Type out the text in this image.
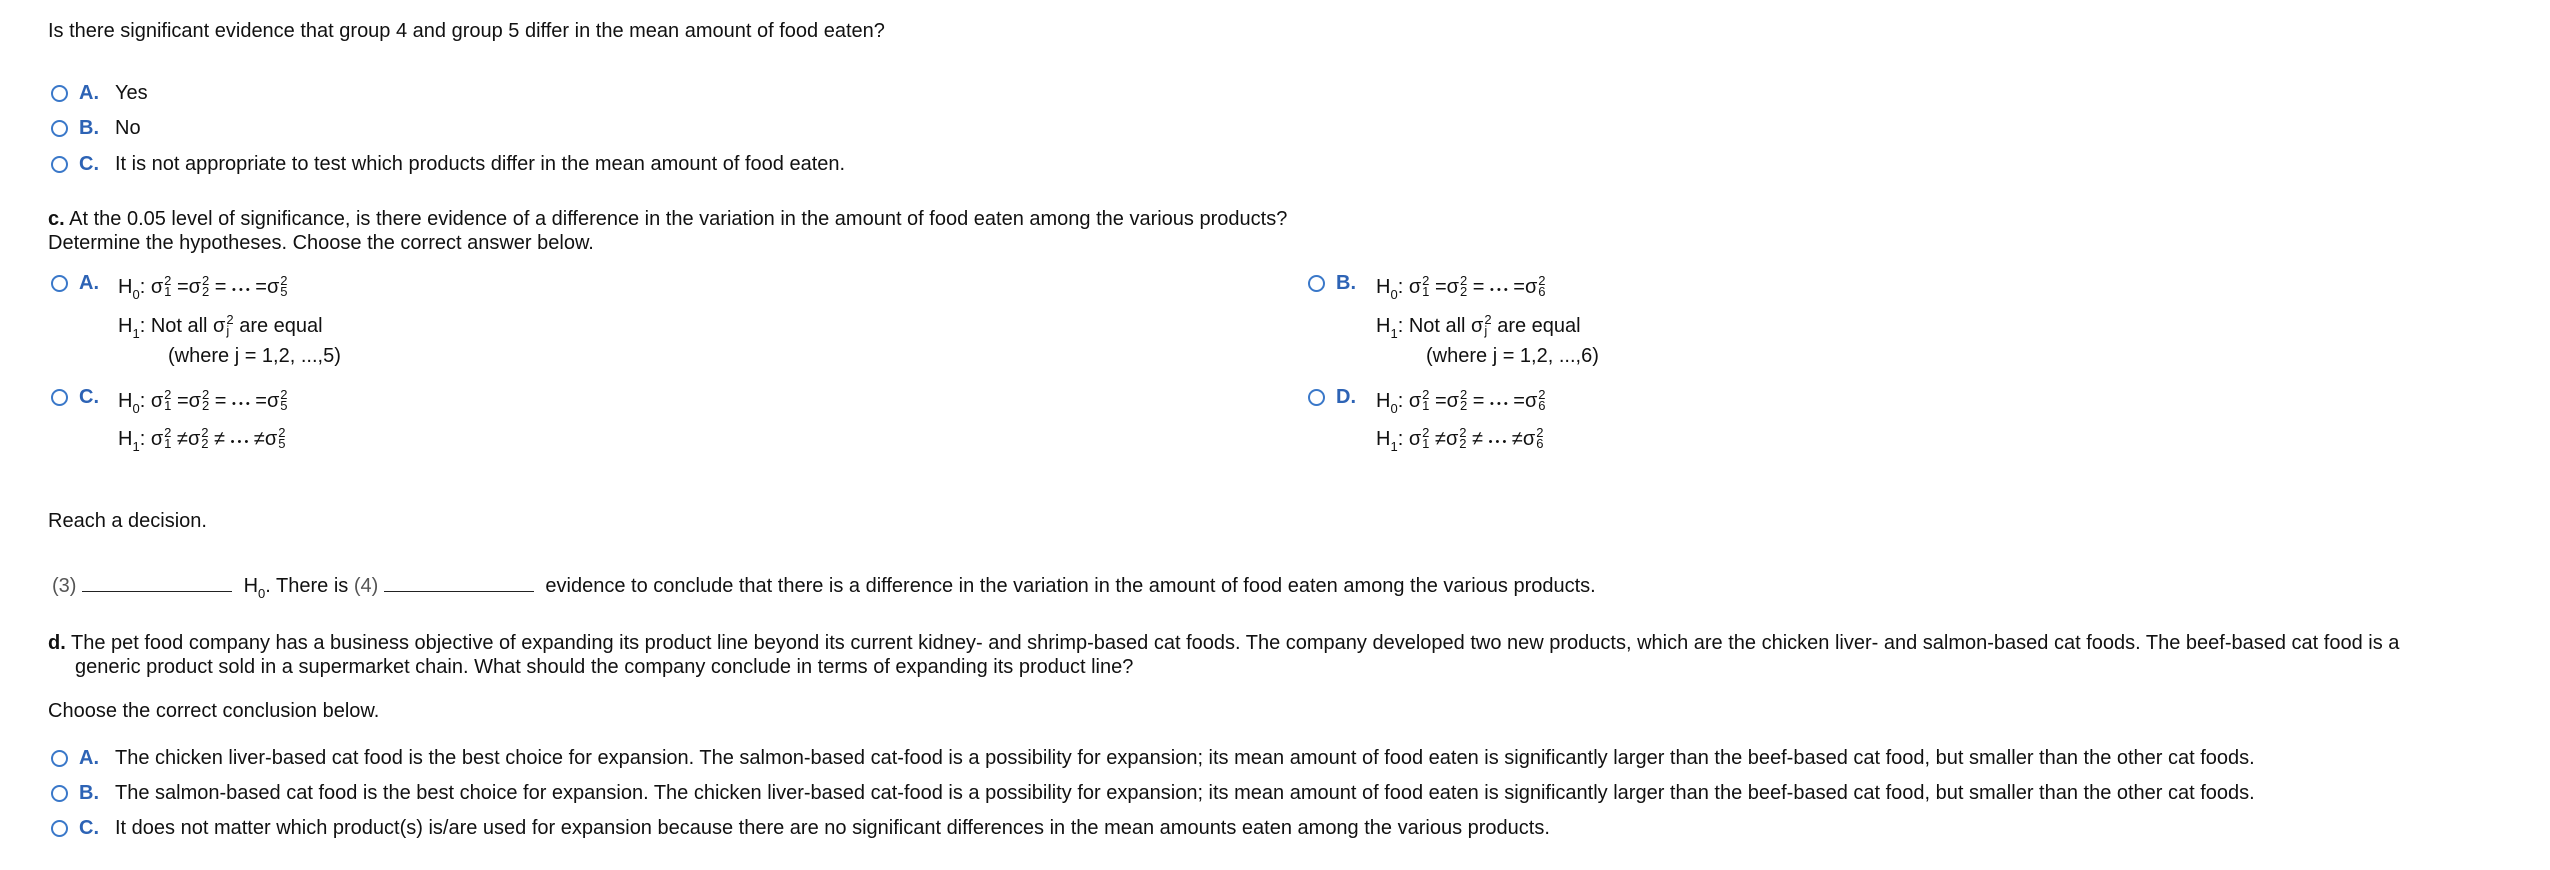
Is there significant evidence that group 4 and group 5 differ in the mean amount of food eaten?
A. Yes
B. No
C. It is not appropriate to test which products differ in the mean amount of food eaten.
c. At the 0.05 level of significance, is there evidence of a difference in the variation in the amount of food eaten among the various products?
Determine the hypotheses. Choose the correct answer below.
A. $H_0$: σ 2
1 =σ 2
2 = • • • =σ 2
5
$H_1$: Not all σ 2
j are equal
(where j = 1,2, ...,5)
B. $H_0$: σ 2
1 =σ 2
2 = • • • =σ 2
6
$H_1$: Not all σ 2
j are equal
(where j = 1,2, ...,6)
C. $H_0$: σ 2
1 =σ 2
2 = • • • =σ 2
5
$H_1$: σ 2
1 ≠σ 2
2 ≠ • • • ≠σ 2
5
D. $H_0$: σ 2
1 =σ 2
2 = • • • =σ 2
6
$H_1$: σ 2
1 ≠σ 2
2 ≠ • • • ≠σ 2
6
Reach a decision.
(3)	$H_0$. There is (4)	evidence to conclude that there is a difference in the variation in the amount of food eaten among the various products.
d. The pet food company has a business objective of expanding its product line beyond its current kidney- and shrimp-based cat foods. The company developed two new products, which are the chicken liver- and salmon-based cat foods. The beef-based cat food is a
generic product sold in a supermarket chain. What should the company conclude in terms of expanding its product line?
Choose the correct conclusion below.
A. The chicken liver-based cat food is the best choice for expansion. The salmon-based cat-food is a possibility for expansion; its mean amount of food eaten is significantly larger than the beef-based cat food, but smaller than the other cat foods.
B. The salmon-based cat food is the best choice for expansion. The chicken liver-based cat-food is a possibility for expansion; its mean amount of food eaten is significantly larger than the beef-based cat food, but smaller than the other cat foods.
C. It does not matter which product(s) is/are used for expansion because there are no significant differences in the mean amounts eaten among the various products.
